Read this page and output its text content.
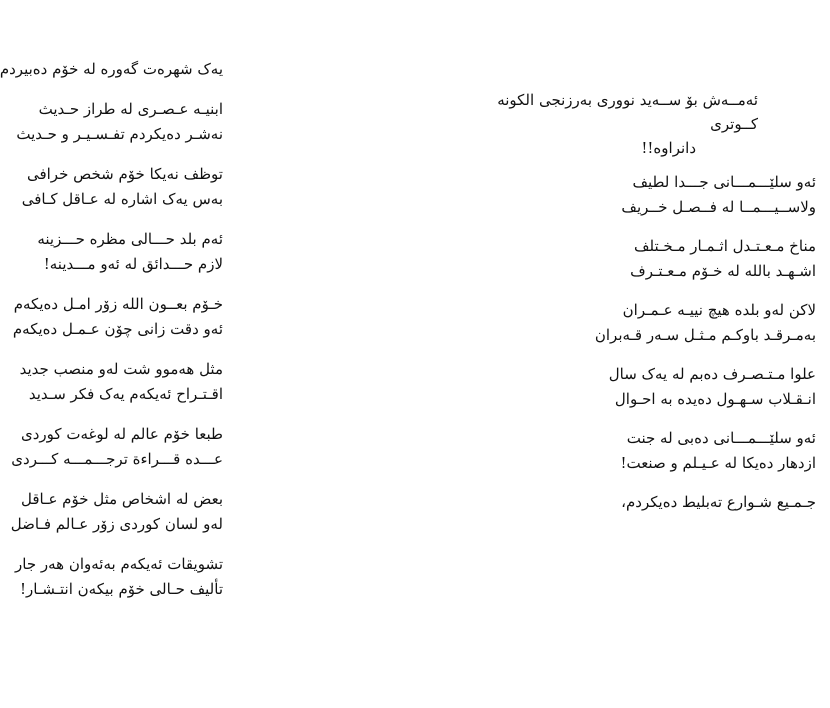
ئەمــەش بۆ ســەید نووری بەرزنجی الکونە کــوتری
دانراوە!!
ئەو سلێـــمـــانی جـــدا لطیف
ولاســیـــمــا لە فــصـل خــریف
مناخ مـعـتـدل اثـمـار مـخـتلف
اشـهـد باللە لە خـۆم مـعـتـرف
لاکن لەو بلدە هیچ نییـە عـمـران
بەمـرقـد باوکـم مـثـل سـەر قـەبران
علوا مـتـصـرف دەبم لە یەک سال
انـقـلاب سـهـول دەیدە بە احـوال
ئەو سلێـــمـــانی دەبی لە جنت
ازدهار دەیکا لە عـیـلم و صنعت!
جـمـیع شـوارع تەبلیط دەیکردم،
یەک شهرەت گەورە لە خۆم دەبیردم
ابنیـه عـصـری لە طراز حـدیث
نەشـر دەیکردم تفـسـیـر و حـدیث
توظف نەیکا خۆم شخص خرافی
بەس یەک اشارە لە عـاقل کـافی
ئەم بلد حـــالی مظرە حـــزینە
لازم حـــدائق لە ئەو مـــدینە!
خـۆم بعــون اللە زۆر امـل دەیکەم
ئەو دقت زانی چۆن عـمـل دەیکەم
مثل هەموو شت لەو منصب جدید
اقـتـراح ئەیکەم یەک فکر سـدید
طبعا خۆم عالم لە لوغەت کوردی
عـــدە قـــراءة ترجـــمـــە کـــردی
بعض لە اشخاص مثل خۆم عـاقل
لەو لسان کوردی زۆر عـالم فـاضل
تشویقات ئەیکەم بەئەوان هەر جار
تألیف حـالی خۆم بیکەن انتـشـار!
